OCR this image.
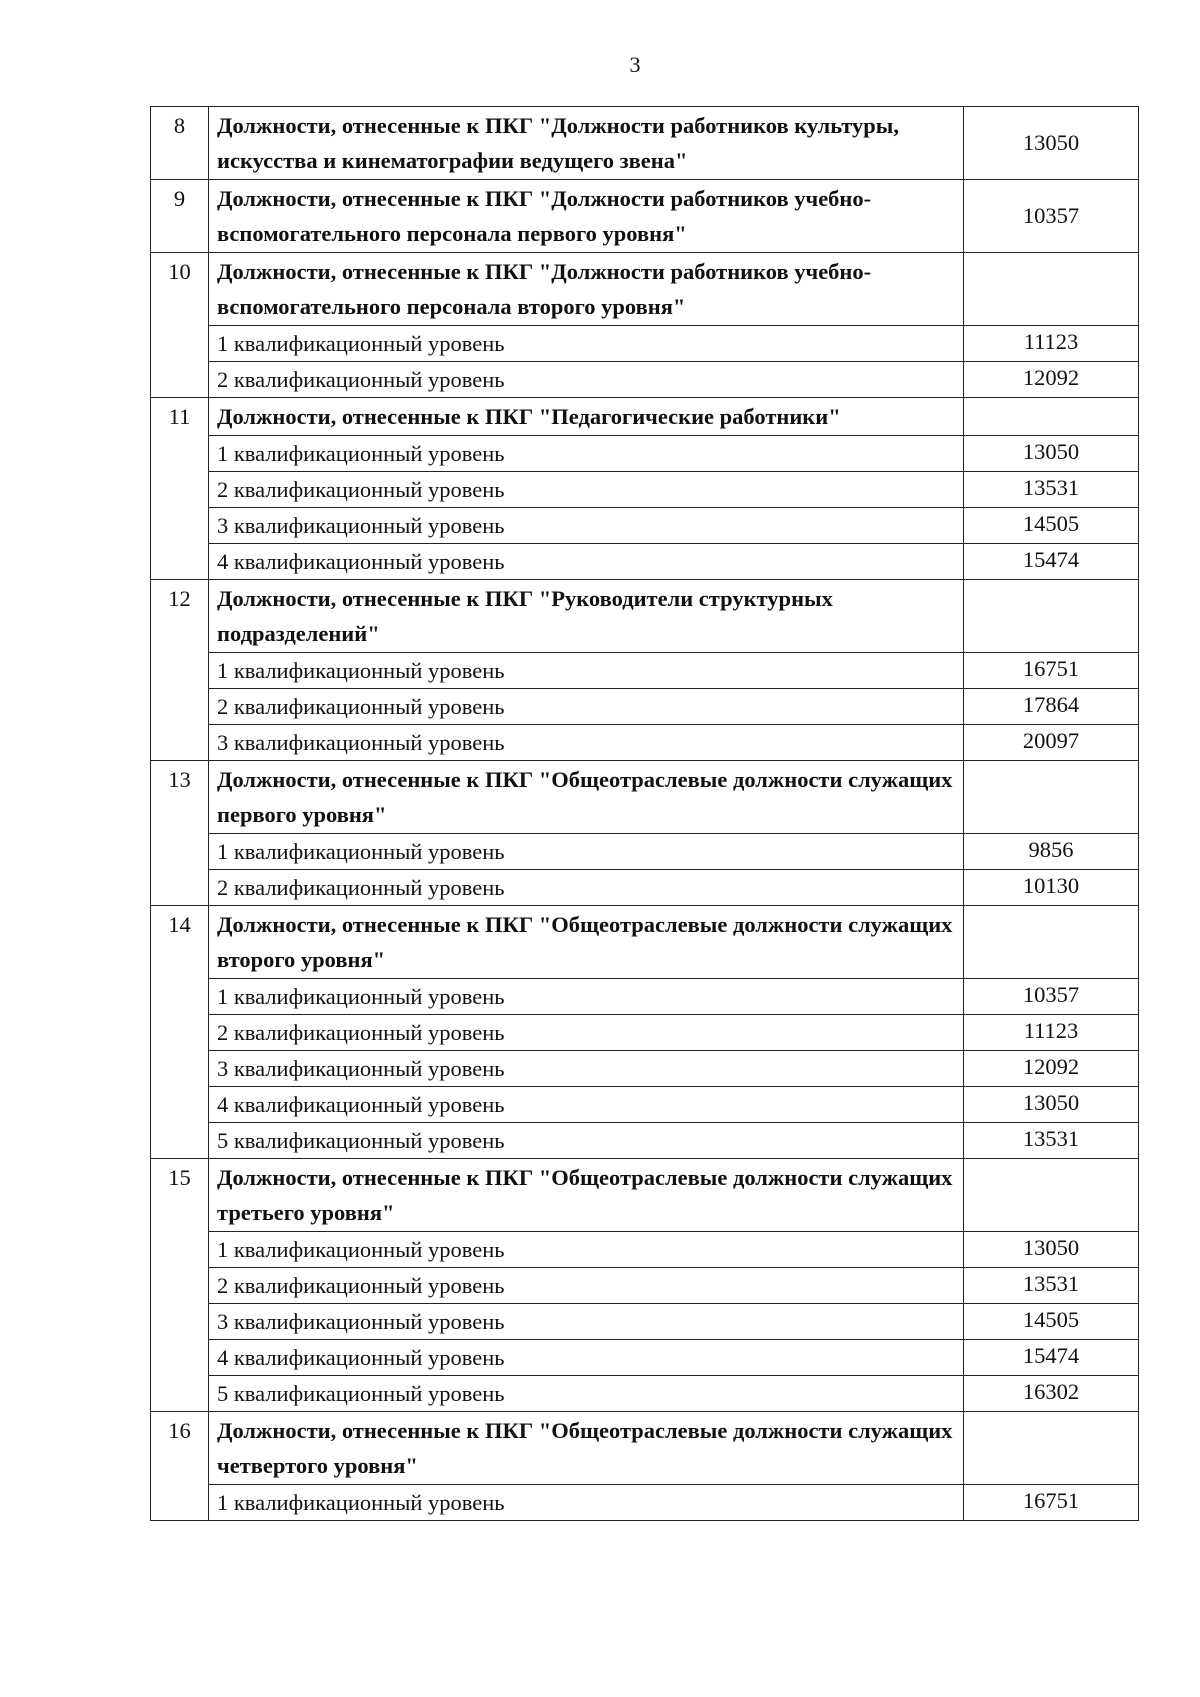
3
8	Должности, отнесенные к ПКГ "Должности работников культуры, искусства и кинематографии ведущего звена"	13050
9	Должности, отнесенные к ПКГ "Должности работников учебно-вспомогательного персонала первого уровня"	10357
10	Должности, отнесенные к ПКГ "Должности работников учебно-вспомогательного персонала второго уровня"	
	1 квалификационный уровень	11123
	2 квалификационный уровень	12092
11	Должности, отнесенные к ПКГ "Педагогические работники"	
	1 квалификационный уровень	13050
	2 квалификационный уровень	13531
	3 квалификационный уровень	14505
	4 квалификационный уровень	15474
12	Должности, отнесенные к ПКГ "Руководители структурных подразделений"	
	1 квалификационный уровень	16751
	2 квалификационный уровень	17864
	3 квалификационный уровень	20097
13	Должности, отнесенные к ПКГ "Общеотраслевые должности служащих первого уровня"	
	1 квалификационный уровень	9856
	2 квалификационный уровень	10130
14	Должности, отнесенные к ПКГ "Общеотраслевые должности служащих второго уровня"	
	1 квалификационный уровень	10357
	2 квалификационный уровень	11123
	3 квалификационный уровень	12092
	4 квалификационный уровень	13050
	5 квалификационный уровень	13531
15	Должности, отнесенные к ПКГ "Общеотраслевые должности служащих третьего уровня"	
	1 квалификационный уровень	13050
	2 квалификационный уровень	13531
	3 квалификационный уровень	14505
	4 квалификационный уровень	15474
	5 квалификационный уровень	16302
16	Должности, отнесенные к ПКГ "Общеотраслевые должности служащих четвертого уровня"	
	1 квалификационный уровень	16751
